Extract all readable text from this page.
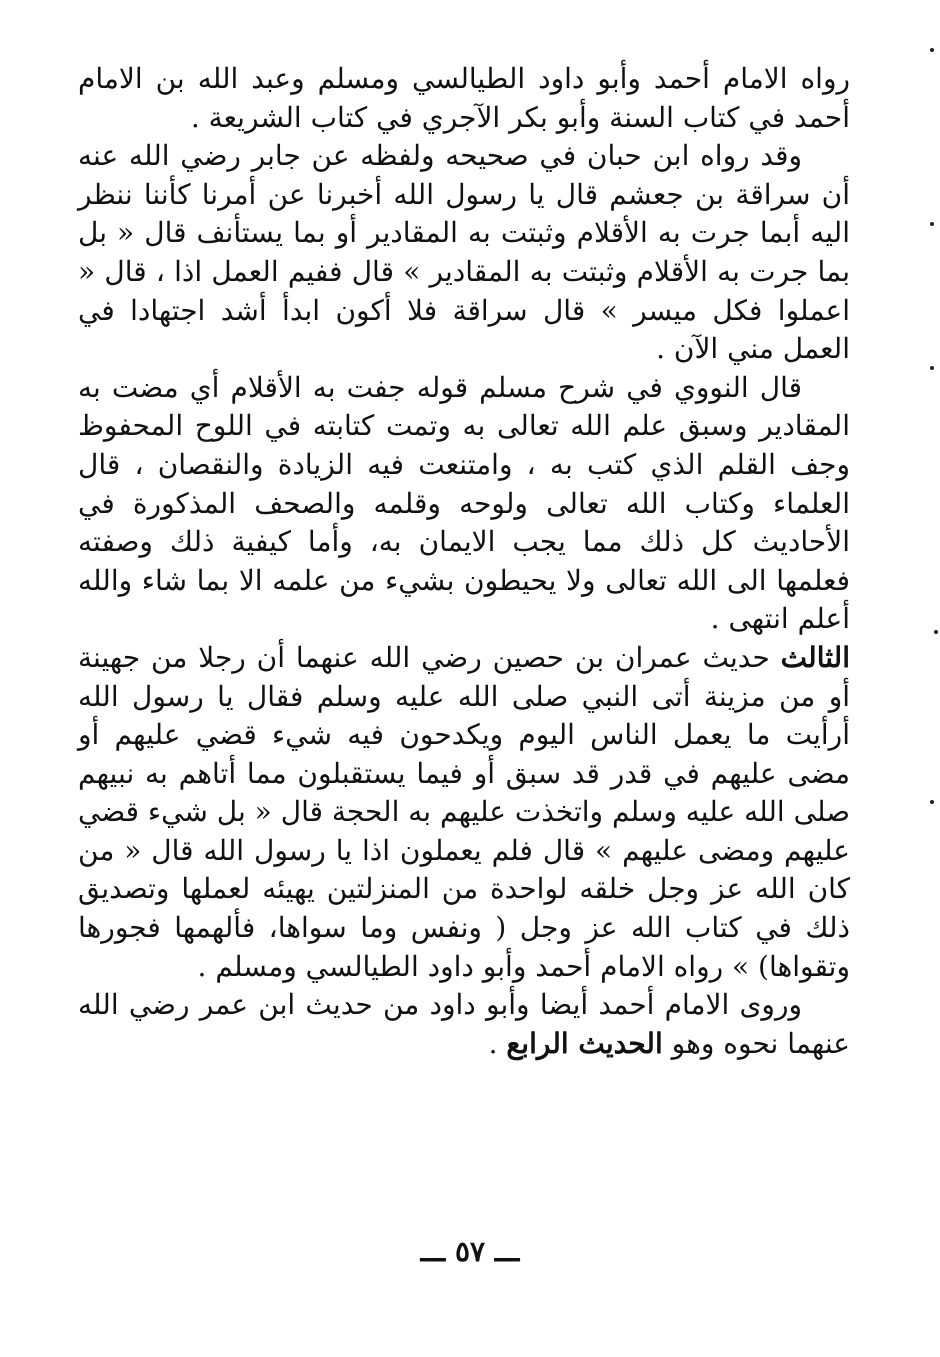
رواه الامام أحمد وأبو داود الطيالسي ومسلم وعبد الله بن الامام أحمد في كتاب السنة وأبو بكر الآجري في كتاب الشريعة .

وقد رواه ابن حبان في صحيحه ولفظه عن جابر رضي الله عنه أن سراقة بن جعشم قال يا رسول الله أخبرنا عن أمرنا كأننا ننظر اليه أبما جرت به الأقلام وثبتت به المقادير أو بما يستأنف قال « بل بما جرت به الأقلام وثبتت به المقادير » قال ففيم العمل اذا ، قال « اعملوا فكل ميسر » قال سراقة فلا أكون ابدأ أشد اجتهادا في العمل مني الآن .

قال النووي في شرح مسلم قوله جفت به الأقلام أي مضت به المقادير وسبق علم الله تعالى به وتمت كتابته في اللوح المحفوظ وجف القلم الذي كتب به ، وامتنعت فيه الزيادة والنقصان ، قال العلماء وكتاب الله تعالى ولوحه وقلمه والصحف المذكورة في الأحاديث كل ذلك مما يجب الايمان به، وأما كيفية ذلك وصفته فعلمها الى الله تعالى ولا يحيطون بشيء من علمه الا بما شاء والله أعلم انتهى .

الثالث حديث عمران بن حصين رضي الله عنهما أن رجلا من جهينة أو من مزينة أتى النبي صلى الله عليه وسلم فقال يا رسول الله أرأيت ما يعمل الناس اليوم ويكدحون فيه شيء قضي عليهم أو مضى عليهم في قدر قد سبق أو فيما يستقبلون مما أتاهم به نبيهم صلى الله عليه وسلم واتخذت عليهم به الحجة قال « بل شيء قضي عليهم ومضى عليهم » قال فلم يعملون اذا يا رسول الله قال « من كان الله عز وجل خلقه لواحدة من المنزلتين يهيئه لعملها وتصديق ذلك في كتاب الله عز وجل ( ونفس وما سواها، فألهمها فجورها وتقواها) » رواه الامام أحمد وأبو داود الطيالسي ومسلم .

وروى الامام أحمد أيضا وأبو داود من حديث ابن عمر رضي الله عنهما نحوه وهو الحديث الرابع .

ـــ ٥٧ ـــ
